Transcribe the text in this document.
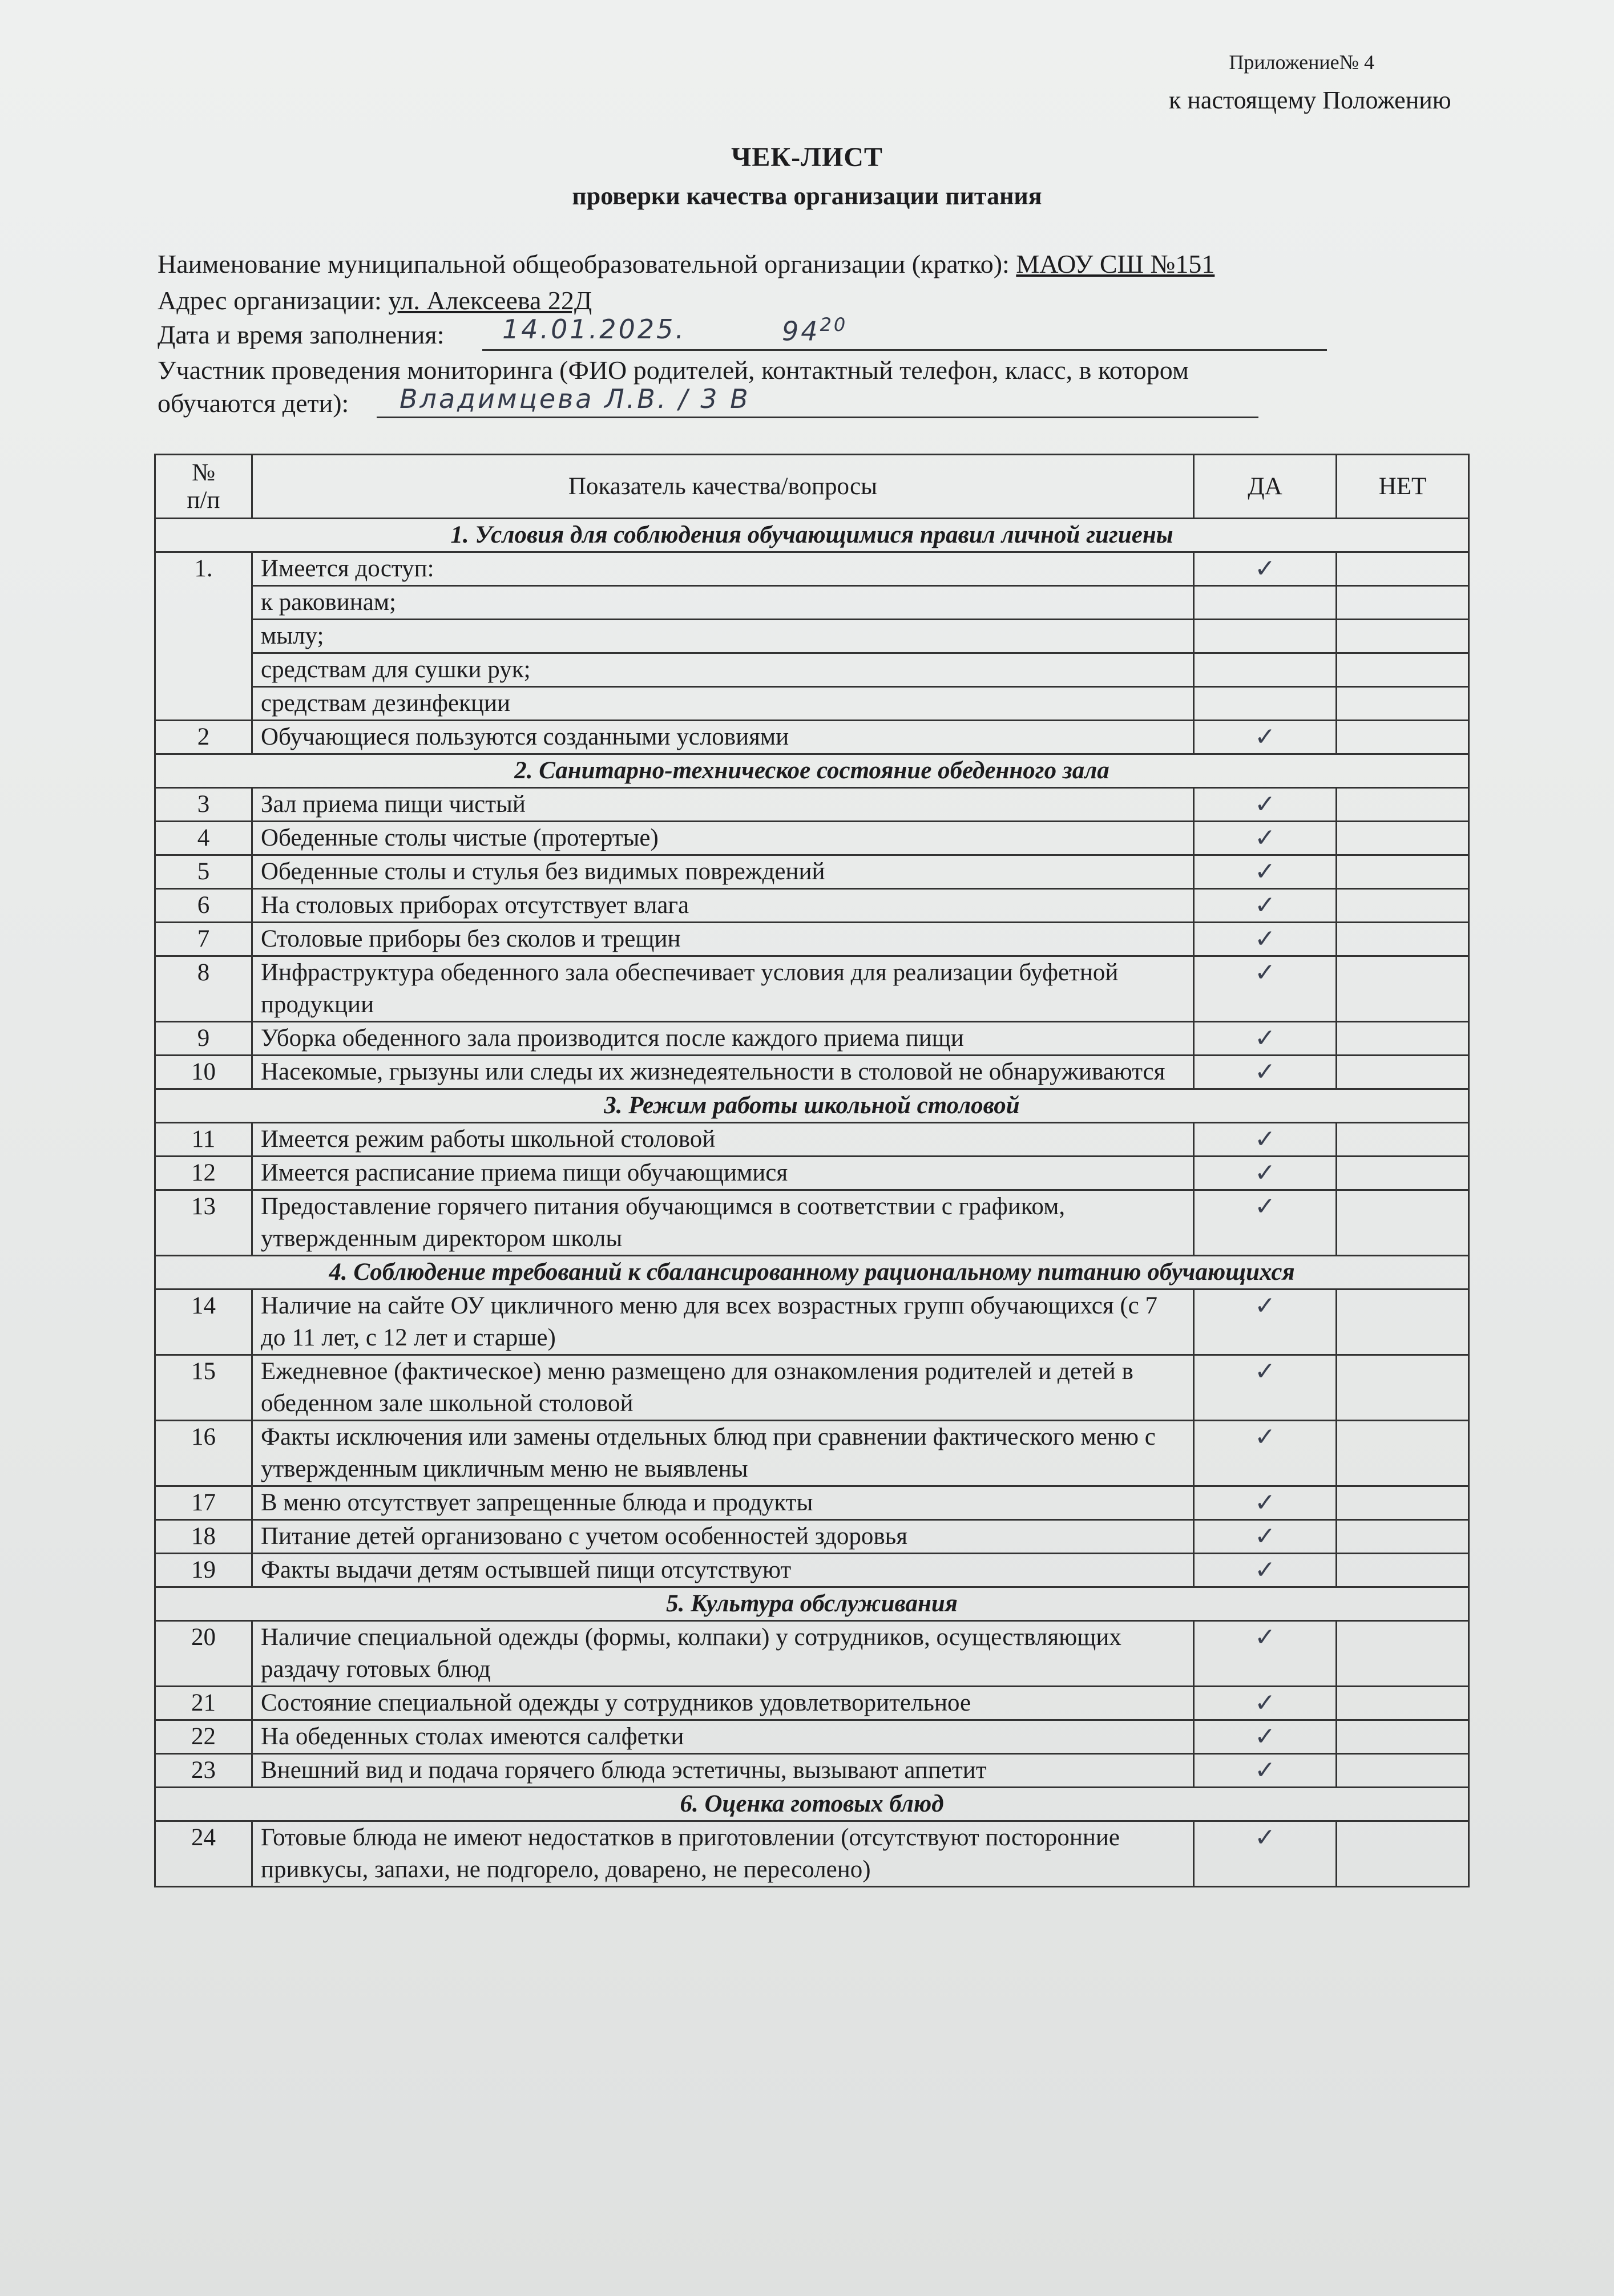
Приложение№ 4
к настоящему Положению
ЧЕК-ЛИСТ
проверки качества организации питания
Наименование муниципальной общеобразовательной организации (кратко): МАОУ СШ №151
Адрес организации: ул. Алексеева 22Д
Дата и время заполнения: 14.01.2025.	$94^{20}$
Участник проведения мониторинга (ФИО родителей, контактный телефон, класс, в котором
обучаются дети): Владимцева Л.В. / 3 В
№
п/п	Показатель качества/вопросы	ДА	НЕТ
1. Условия для соблюдения обучающимися правил личной гигиены			
1.	Имеется доступ:	✓	
	к раковинам;		
	мылу;		
	средствам для сушки рук;		
	средствам дезинфекции		
2	Обучающиеся пользуются созданными условиями	✓	
2. Санитарно-техническое состояние обеденного зала			
3	Зал приема пищи чистый	✓	
4	Обеденные столы чистые (протертые)	✓	
5	Обеденные столы и стулья без видимых повреждений	✓	
6	На столовых приборах отсутствует влага	✓	
7	Столовые приборы без сколов и трещин	✓	
8	Инфраструктура обеденного зала обеспечивает условия для реализации буфетной продукции	✓	
9	Уборка обеденного зала производится после каждого приема пищи	✓	
10	Насекомые, грызуны или следы их жизнедеятельности в столовой не обнаруживаются	✓	
3. Режим работы школьной столовой			
11	Имеется режим работы школьной столовой	✓	
12	Имеется расписание приема пищи обучающимися	✓	
13	Предоставление горячего питания обучающимся в соответствии с графиком, утвержденным директором школы	✓	
4. Соблюдение требований к сбалансированному рациональному питанию обучающихся			
14	Наличие на сайте ОУ цикличного меню для всех возрастных групп обучающихся (с 7 до 11 лет, с 12 лет и старше)	✓	
15	Ежедневное (фактическое) меню размещено для ознакомления родителей и детей в обеденном зале школьной столовой	✓	
16	Факты исключения или замены отдельных блюд при сравнении фактического меню с утвержденным цикличным меню не выявлены	✓	
17	В меню отсутствует запрещенные блюда и продукты	✓	
18	Питание детей организовано с учетом особенностей здоровья	✓	
19	Факты выдачи детям остывшей пищи отсутствуют	✓	
5. Культура обслуживания			
20	Наличие специальной одежды (формы, колпаки) у сотрудников, осуществляющих раздачу готовых блюд	✓	
21	Состояние специальной одежды у сотрудников удовлетворительное	✓	
22	На обеденных столах имеются салфетки	✓	
23	Внешний вид и подача горячего блюда эстетичны, вызывают аппетит	✓	
6. Оценка готовых блюд			
24	Готовые блюда не имеют недостатков в приготовлении (отсутствуют посторонние привкусы, запахи, не подгорело, доварено, не пересолено)	✓	
